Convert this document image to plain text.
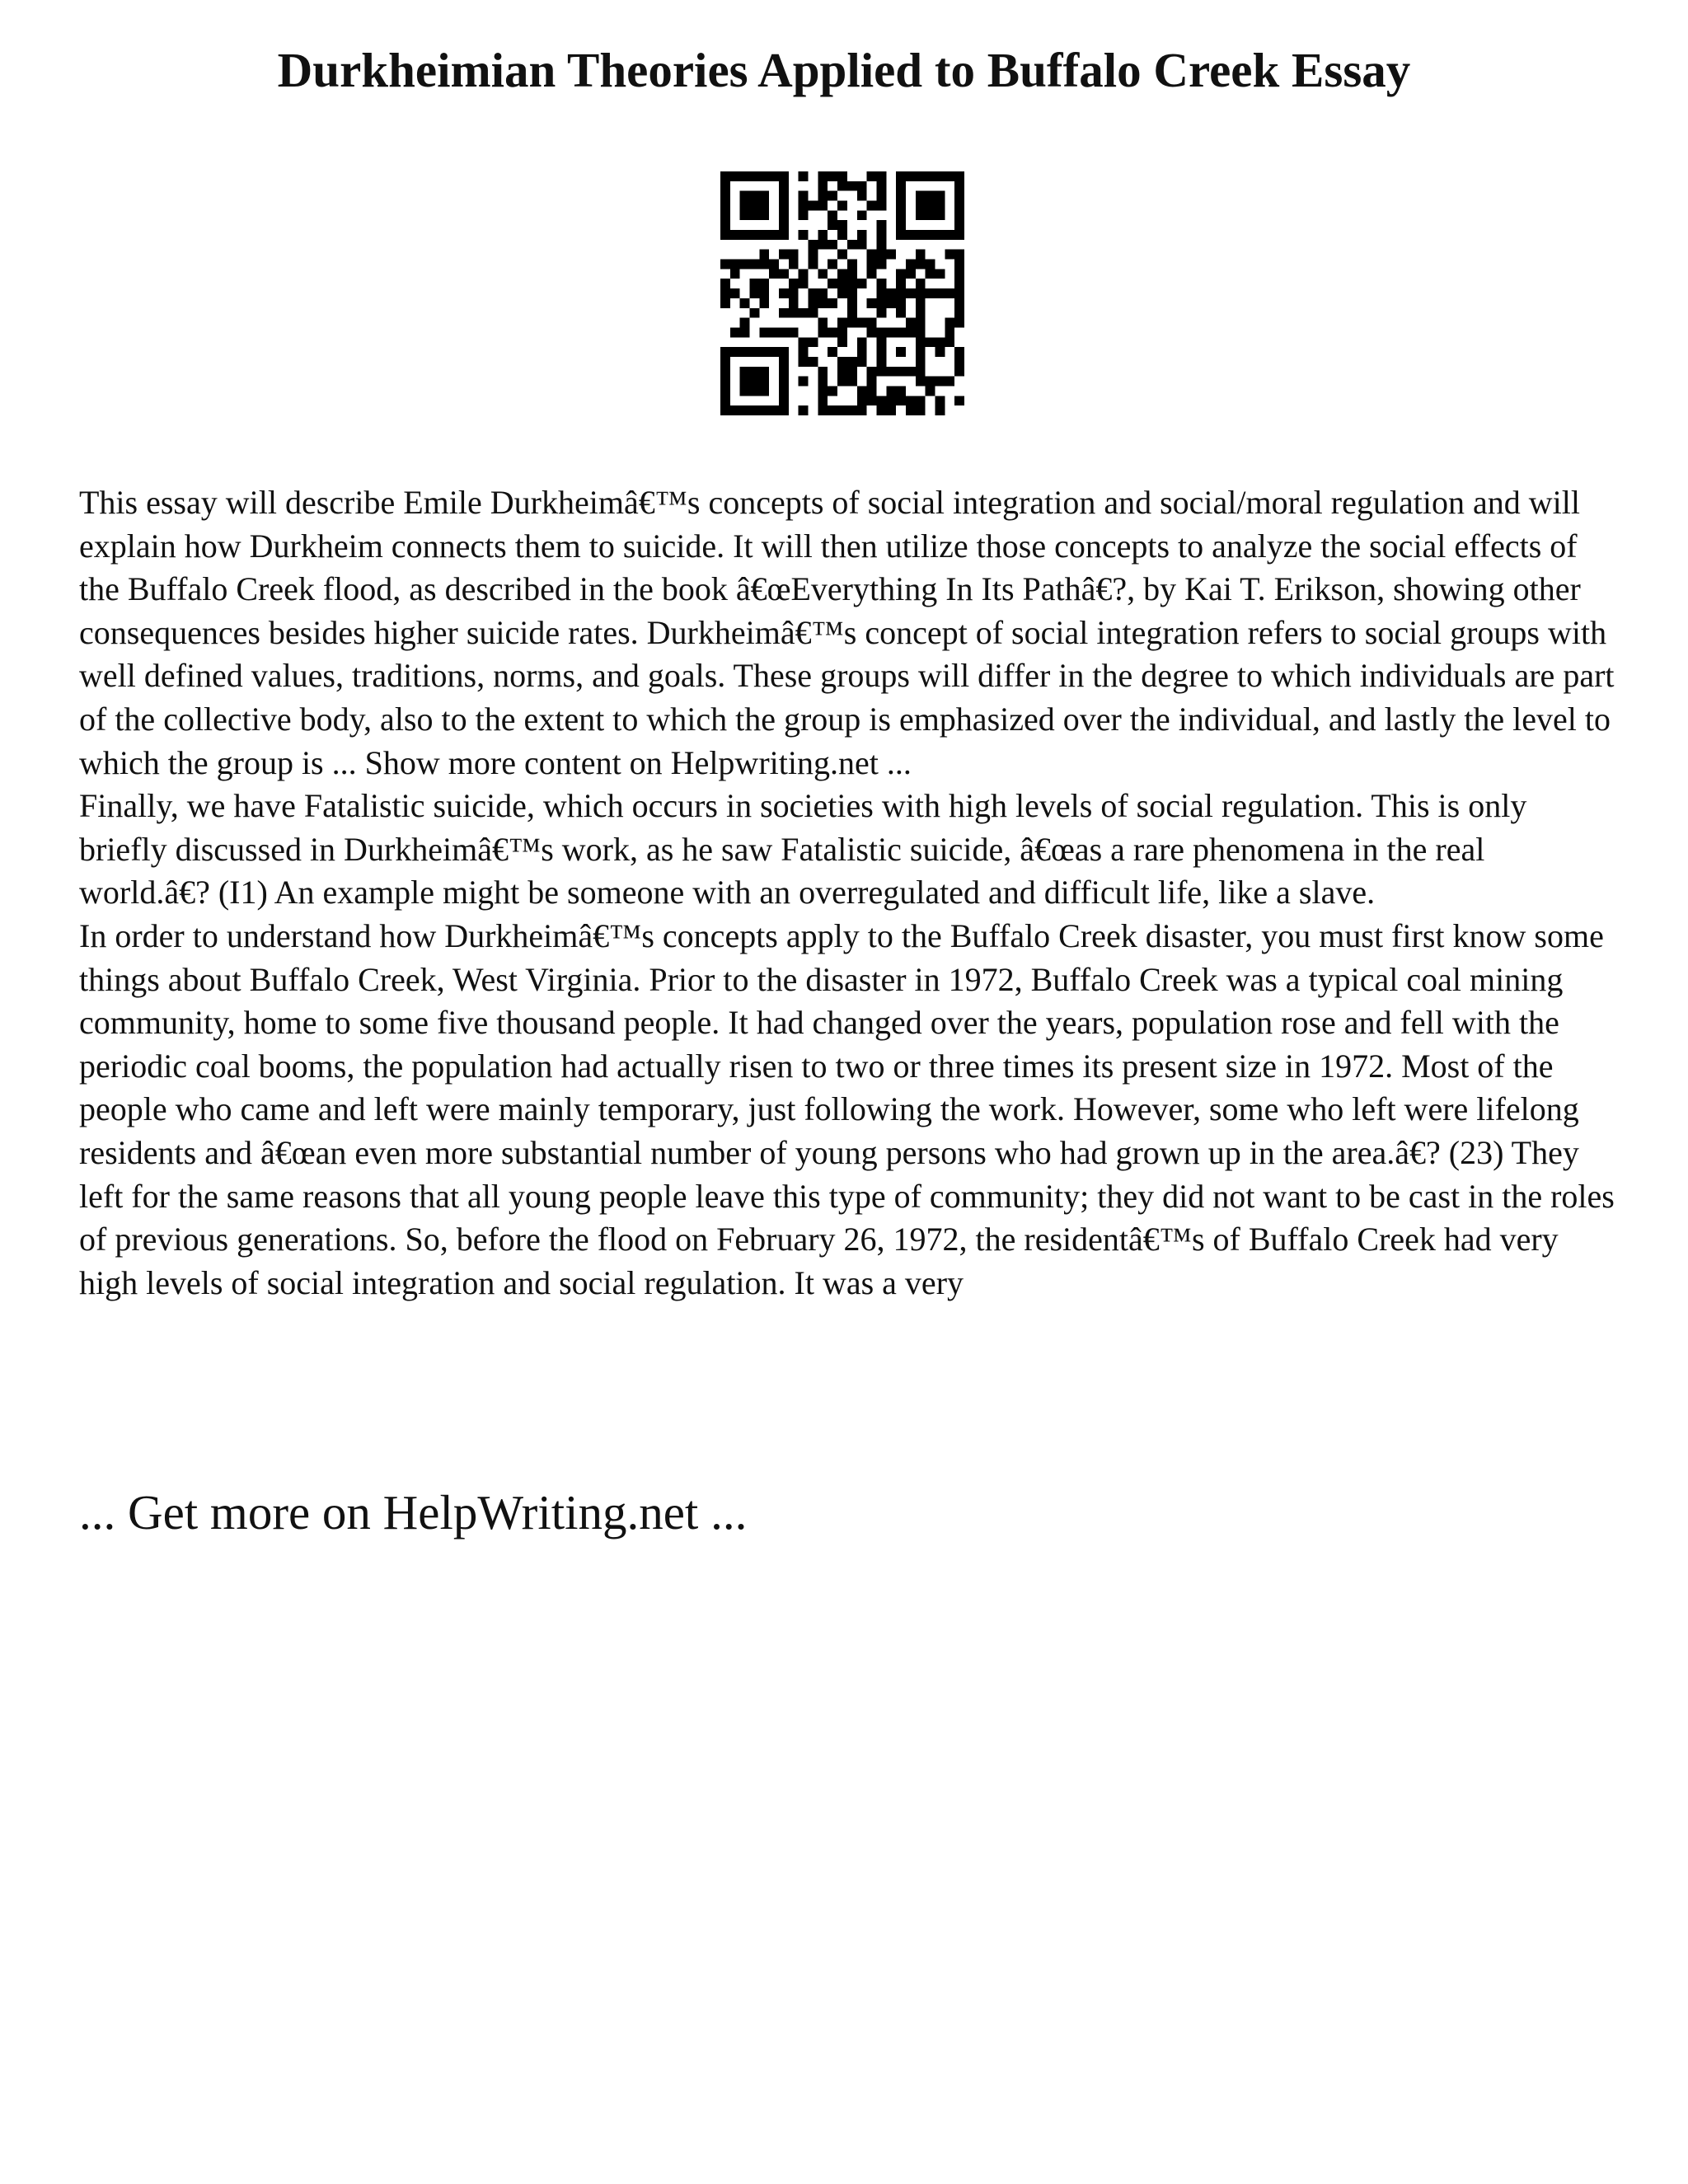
Durkheimian Theories Applied to Buffalo Creek Essay

This essay will describe Emile Durkheimâ€™s concepts of social integration and social/moral regulation and will explain how Durkheim connects them to suicide. It will then utilize those concepts to analyze the social effects of the Buffalo Creek flood, as described in the book â€œEverything In Its Pathâ€?, by Kai T. Erikson, showing other consequences besides higher suicide rates. Durkheimâ€™s concept of social integration refers to social groups with well defined values, traditions, norms, and goals. These groups will differ in the degree to which individuals are part of the collective body, also to the extent to which the group is emphasized over the individual, and lastly the level to which the group is ... Show more content on Helpwriting.net ...

Finally, we have Fatalistic suicide, which occurs in societies with high levels of social regulation. This is only briefly discussed in Durkheimâ€™s work, as he saw Fatalistic suicide, â€œas a rare phenomena in the real world.â€? (I1) An example might be someone with an overregulated and difficult life, like a slave.

In order to understand how Durkheimâ€™s concepts apply to the Buffalo Creek disaster, you must first know some things about Buffalo Creek, West Virginia. Prior to the disaster in 1972, Buffalo Creek was a typical coal mining community, home to some five thousand people. It had changed over the years, population rose and fell with the periodic coal booms, the population had actually risen to two or three times its present size in 1972. Most of the people who came and left were mainly temporary, just following the work. However, some who left were lifelong residents and â€œan even more substantial number of young persons who had grown up in the area.â€? (23) They left for the same reasons that all young people leave this type of community; they did not want to be cast in the roles of previous generations. So, before the flood on February 26, 1972, the residentâ€™s of Buffalo Creek had very high levels of social integration and social regulation. It was a very

... Get more on HelpWriting.net ...
